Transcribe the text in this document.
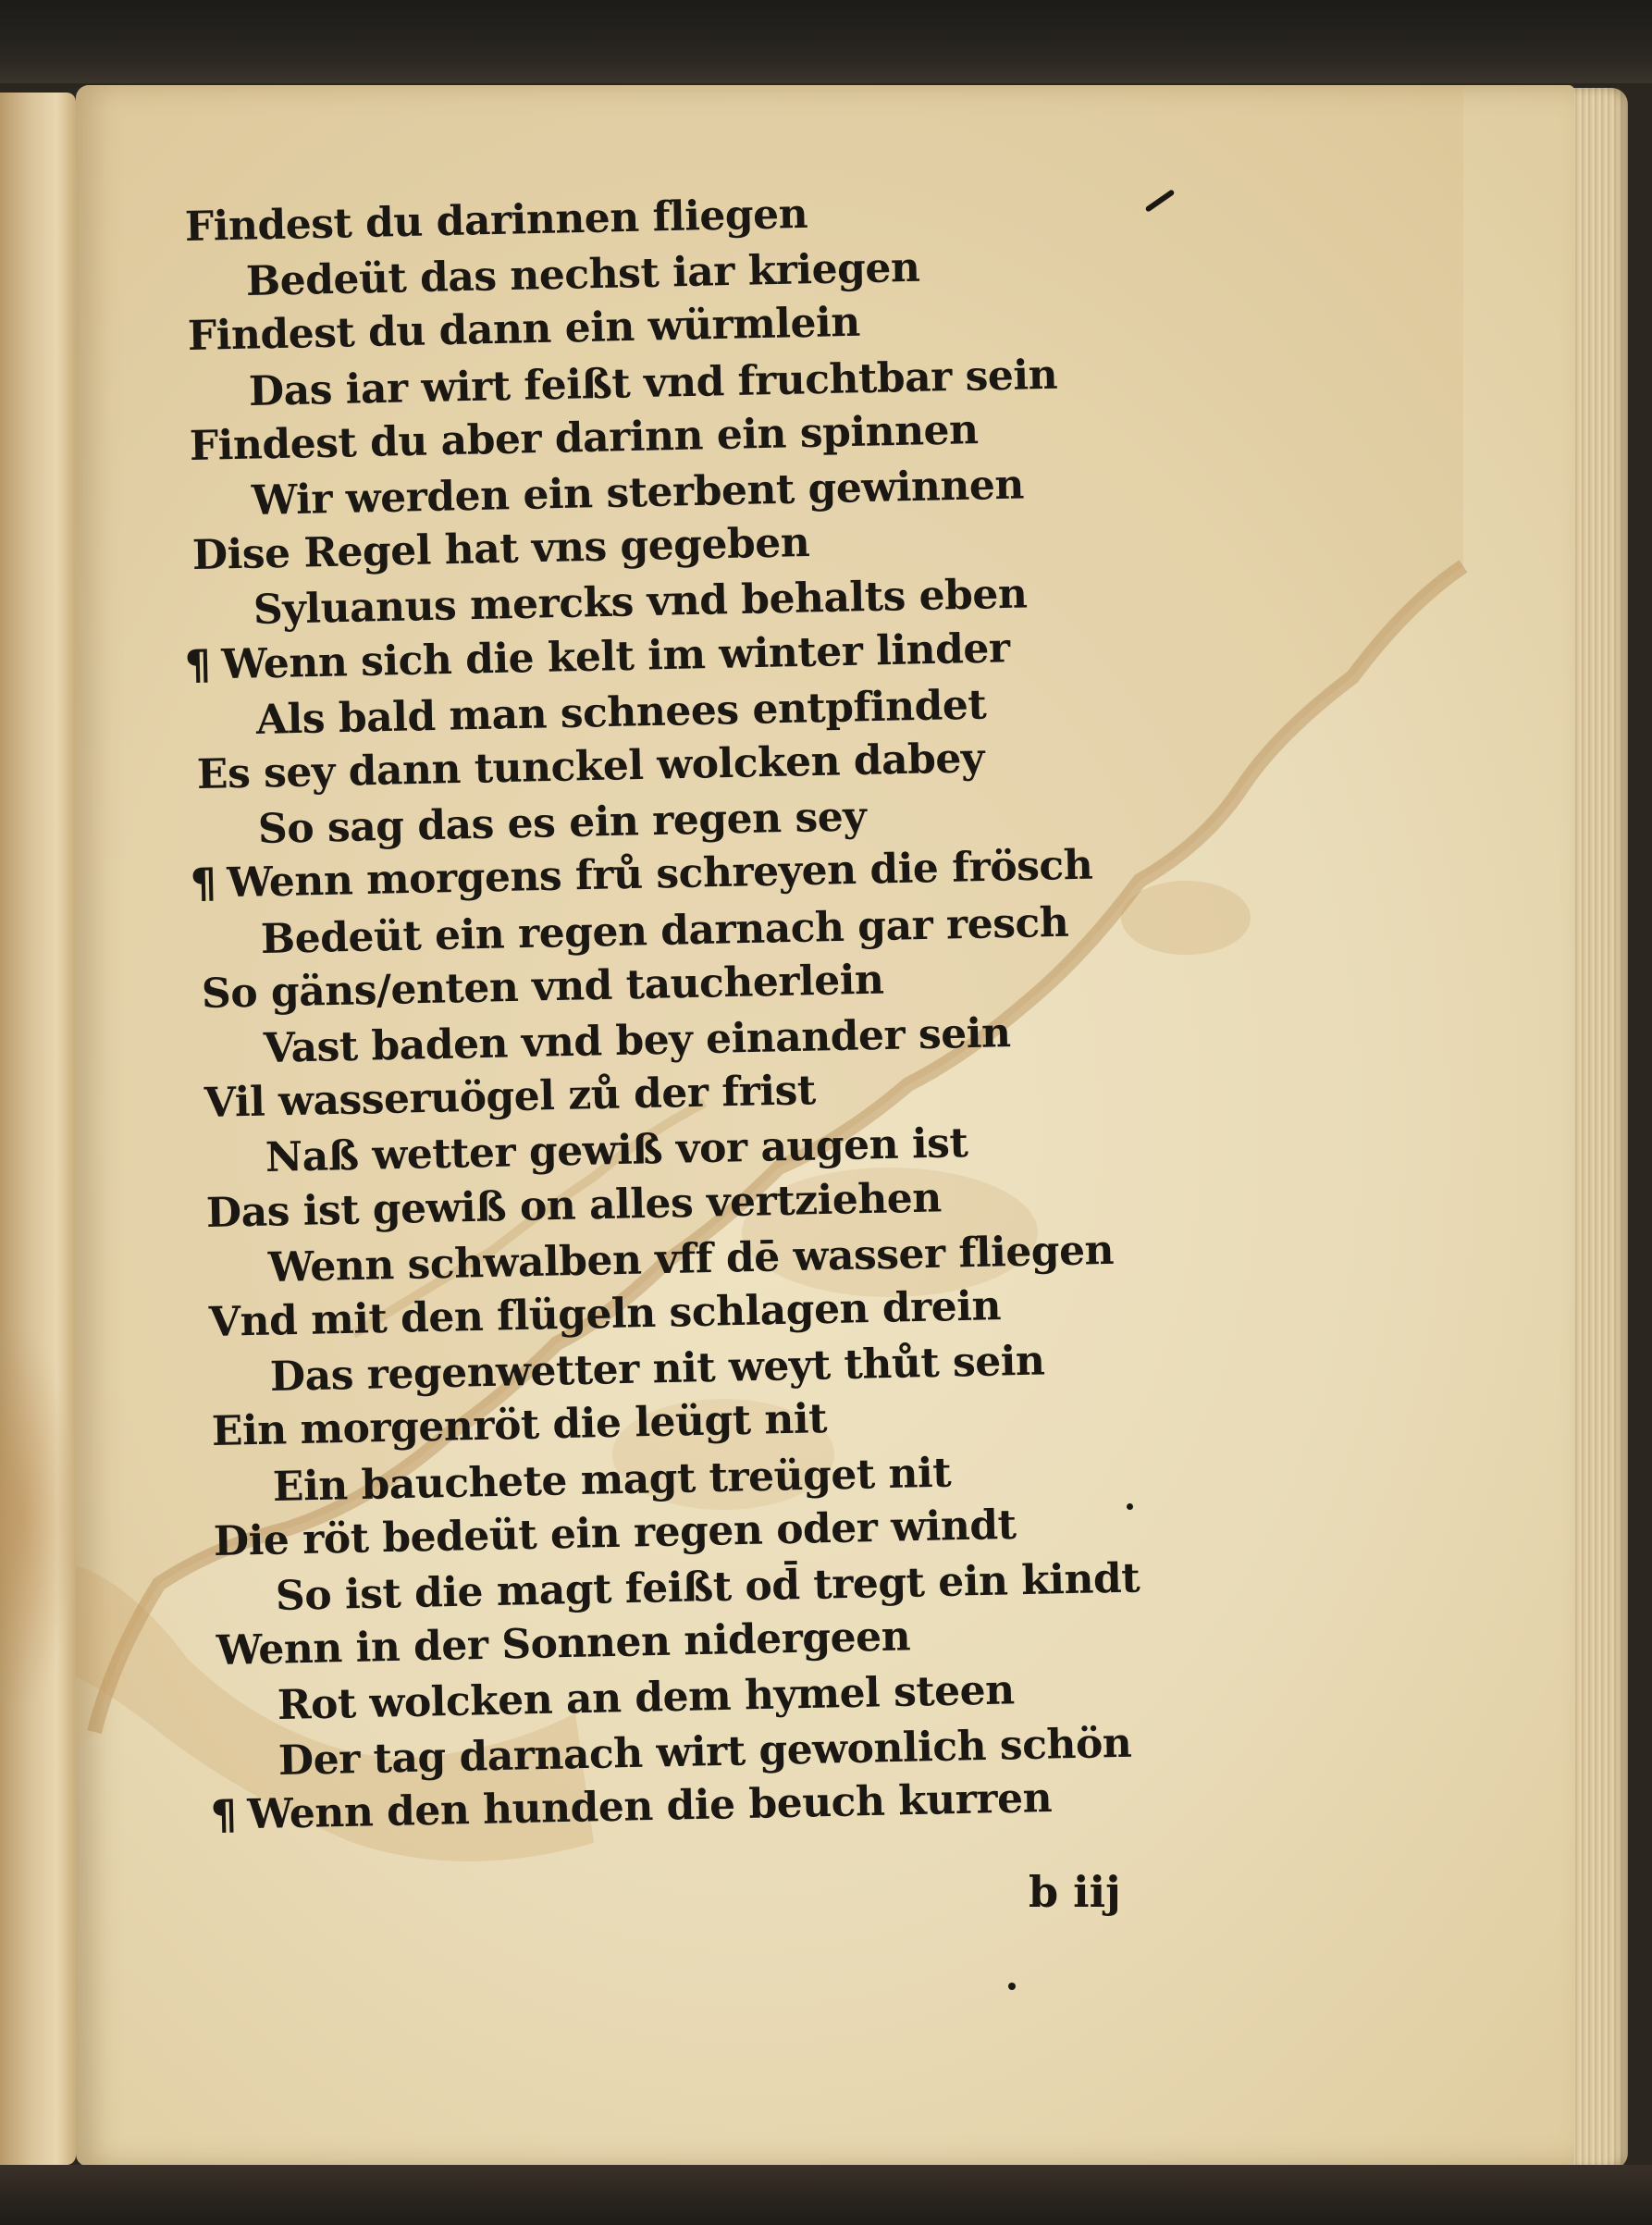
Findest du darinnen fliegen
Bedeüt das nechst iar kriegen
Findest du dann ein würmlein
Das iar wirt feißt vnd fruchtbar sein
Findest du aber darinn ein spinnen
Wir werden ein sterbent gewinnen
Dise Regel hat vns gegeben
Syluanus mercks vnd behalts eben
¶ Wenn sich die kelt im winter linder
Als bald man schnees entpfindet
Es sey dann tunckel wolcken dabey
So sag das es ein regen sey
¶ Wenn morgens frů schreyen die frösch
Bedeüt ein regen darnach gar resch
So gäns/enten vnd taucherlein
Vast baden vnd bey einander sein
Vil wasseruögel zů der frist
Naß wetter gewiß vor augen ist
Das ist gewiß on alles vertziehen
Wenn schwalben vff dē wasser fliegen
Vnd mit den flügeln schlagen drein
Das regenwetter nit weyt thůt sein
Ein morgenröt die leügt nit
Ein bauchete magt treüget nit
Die röt bedeüt ein regen oder windt
So ist die magt feißt od̄ tregt ein kindt
Wenn in der Sonnen nidergeen
Rot wolcken an dem hymel steen
Der tag darnach wirt gewonlich schön
¶ Wenn den hunden die beuch kurren
b iij
